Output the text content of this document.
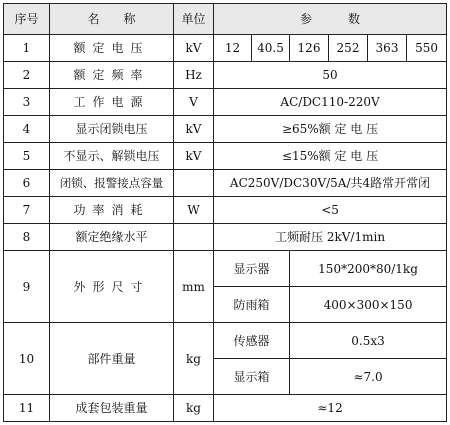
序号	名　　称	单位	参　　　数					
1	额定电压	kV	12	40.5	126	252	363	550
2	额定频率	Hz	50					
3	工作电源	V	AC/DC110-220V					
4	显示闭锁电压	kV	≥65%额 定 电 压					
5	不显示、解锁电压	kV	≤15%额 定 电 压					
6	闭锁、报警接点容量		AC250V/DC30V/5A/共4路常开常闭					
7	功率消耗	W	<5					
8	额定绝缘水平		工频耐压 2kV/1min					
9	外形尺寸	mm	显示器		150*200*80/1kg			
			防雨箱		400×300×150			
10	部件重量	kg	传感器		0.5x3			
			显示箱		≈7.0			
11	成套包装重量	kg	≈12					
